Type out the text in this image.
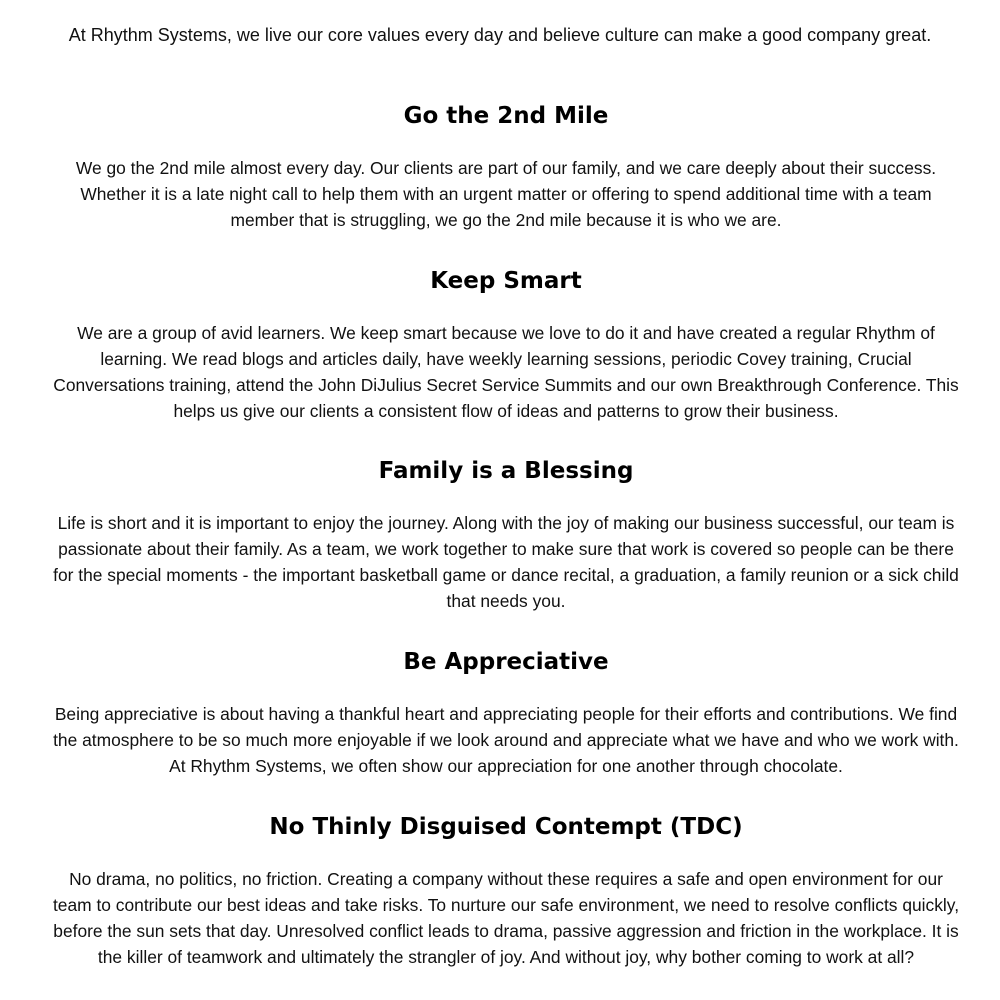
At Rhythm Systems, we live our core values every day and believe culture can make a good company great.

Go the 2nd Mile

We go the 2nd mile almost every day. Our clients are part of our family, and we care deeply about their success. Whether it is a late night call to help them with an urgent matter or offering to spend additional time with a team member that is struggling, we go the 2nd mile because it is who we are.

Keep Smart

We are a group of avid learners. We keep smart because we love to do it and have created a regular Rhythm of learning. We read blogs and articles daily, have weekly learning sessions, periodic Covey training, Crucial Conversations training, attend the John DiJulius Secret Service Summits and our own Breakthrough Conference. This helps us give our clients a consistent flow of ideas and patterns to grow their business.

Family is a Blessing

Life is short and it is important to enjoy the journey. Along with the joy of making our business successful, our team is passionate about their family. As a team, we work together to make sure that work is covered so people can be there for the special moments - the important basketball game or dance recital, a graduation, a family reunion or a sick child that needs you.

Be Appreciative

Being appreciative is about having a thankful heart and appreciating people for their efforts and contributions. We find the atmosphere to be so much more enjoyable if we look around and appreciate what we have and who we work with. At Rhythm Systems, we often show our appreciation for one another through chocolate.

No Thinly Disguised Contempt (TDC)

No drama, no politics, no friction. Creating a company without these requires a safe and open environment for our team to contribute our best ideas and take risks. To nurture our safe environment, we need to resolve conflicts quickly, before the sun sets that day. Unresolved conflict leads to drama, passive aggression and friction in the workplace. It is the killer of teamwork and ultimately the strangler of joy. And without joy, why bother coming to work at all?
